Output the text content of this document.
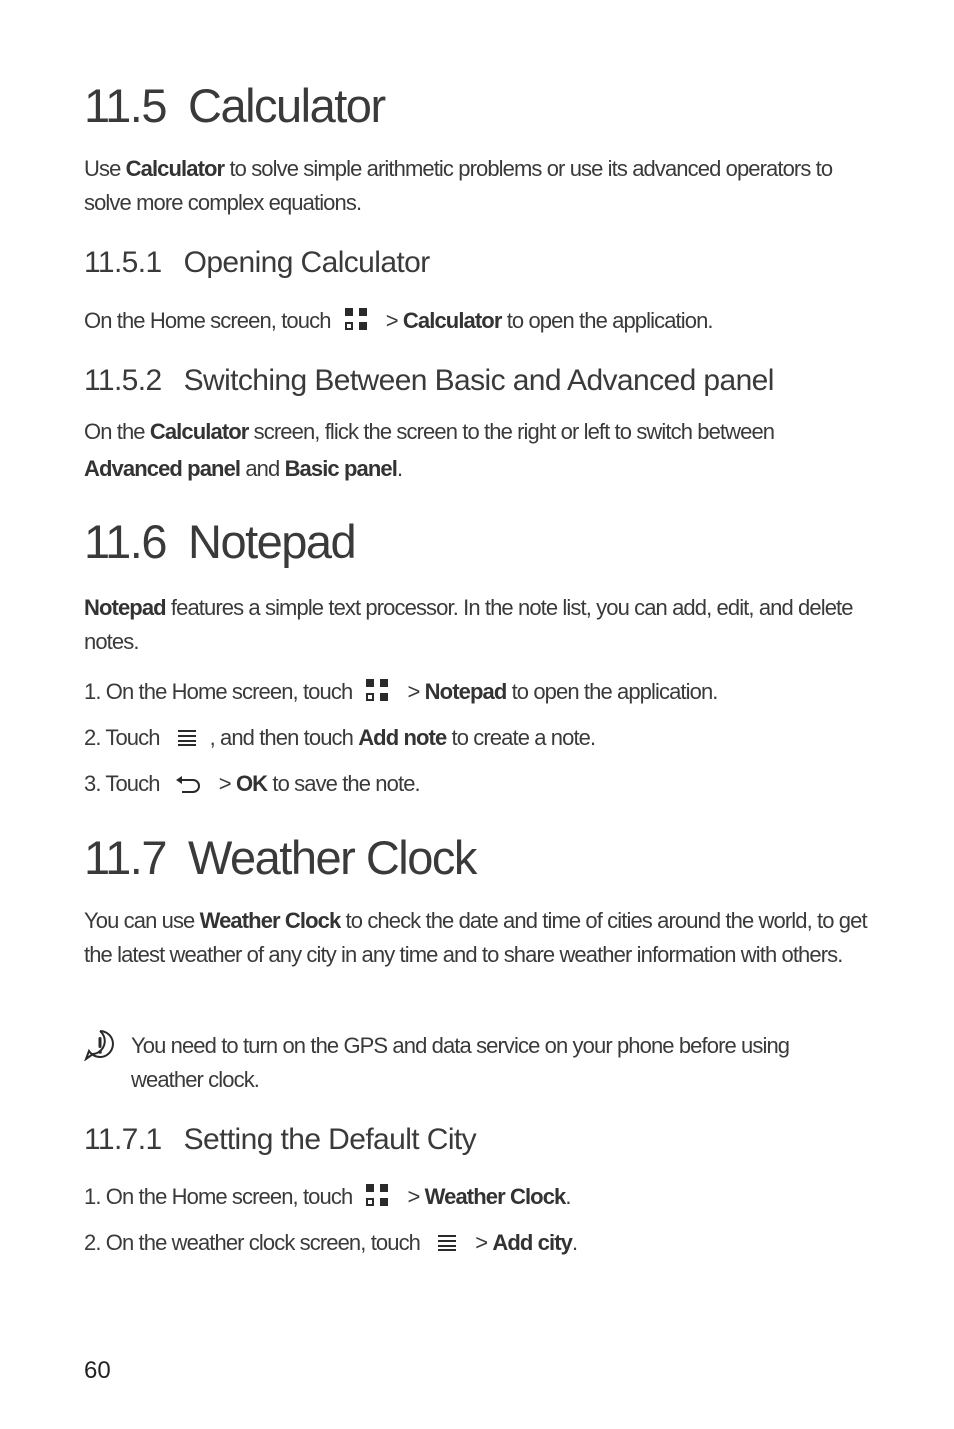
11.5 Calculator

Use Calculator to solve simple arithmetic problems or use its advanced operators to solve more complex equations.

11.5.1 Opening Calculator
On the Home screen, touch
> Calculator to open the application.
11.5.2 Switching Between Basic and Advanced panel

On the Calculator screen, flick the screen to the right or left to switch between Advanced panel and Basic panel.

11.6 Notepad

Notepad features a simple text processor. In the note list, you can add, edit, and delete notes.

1. On the Home screen, touch
> Notepad to open the application.
2. Touch , and then touch Add note to create a note.
3. Touch > OK to save the note.
11.7 Weather Clock

You can use Weather Clock to check the date and time of cities around the world, to get the latest weather of any city in any time and to share weather information with others.

You need to turn on the GPS and data service on your phone before using weather clock.

11.7.1 Setting the Default City
1. On the Home screen, touch
> Weather Clock.
2. On the weather clock screen, touch
> Add city.
60
